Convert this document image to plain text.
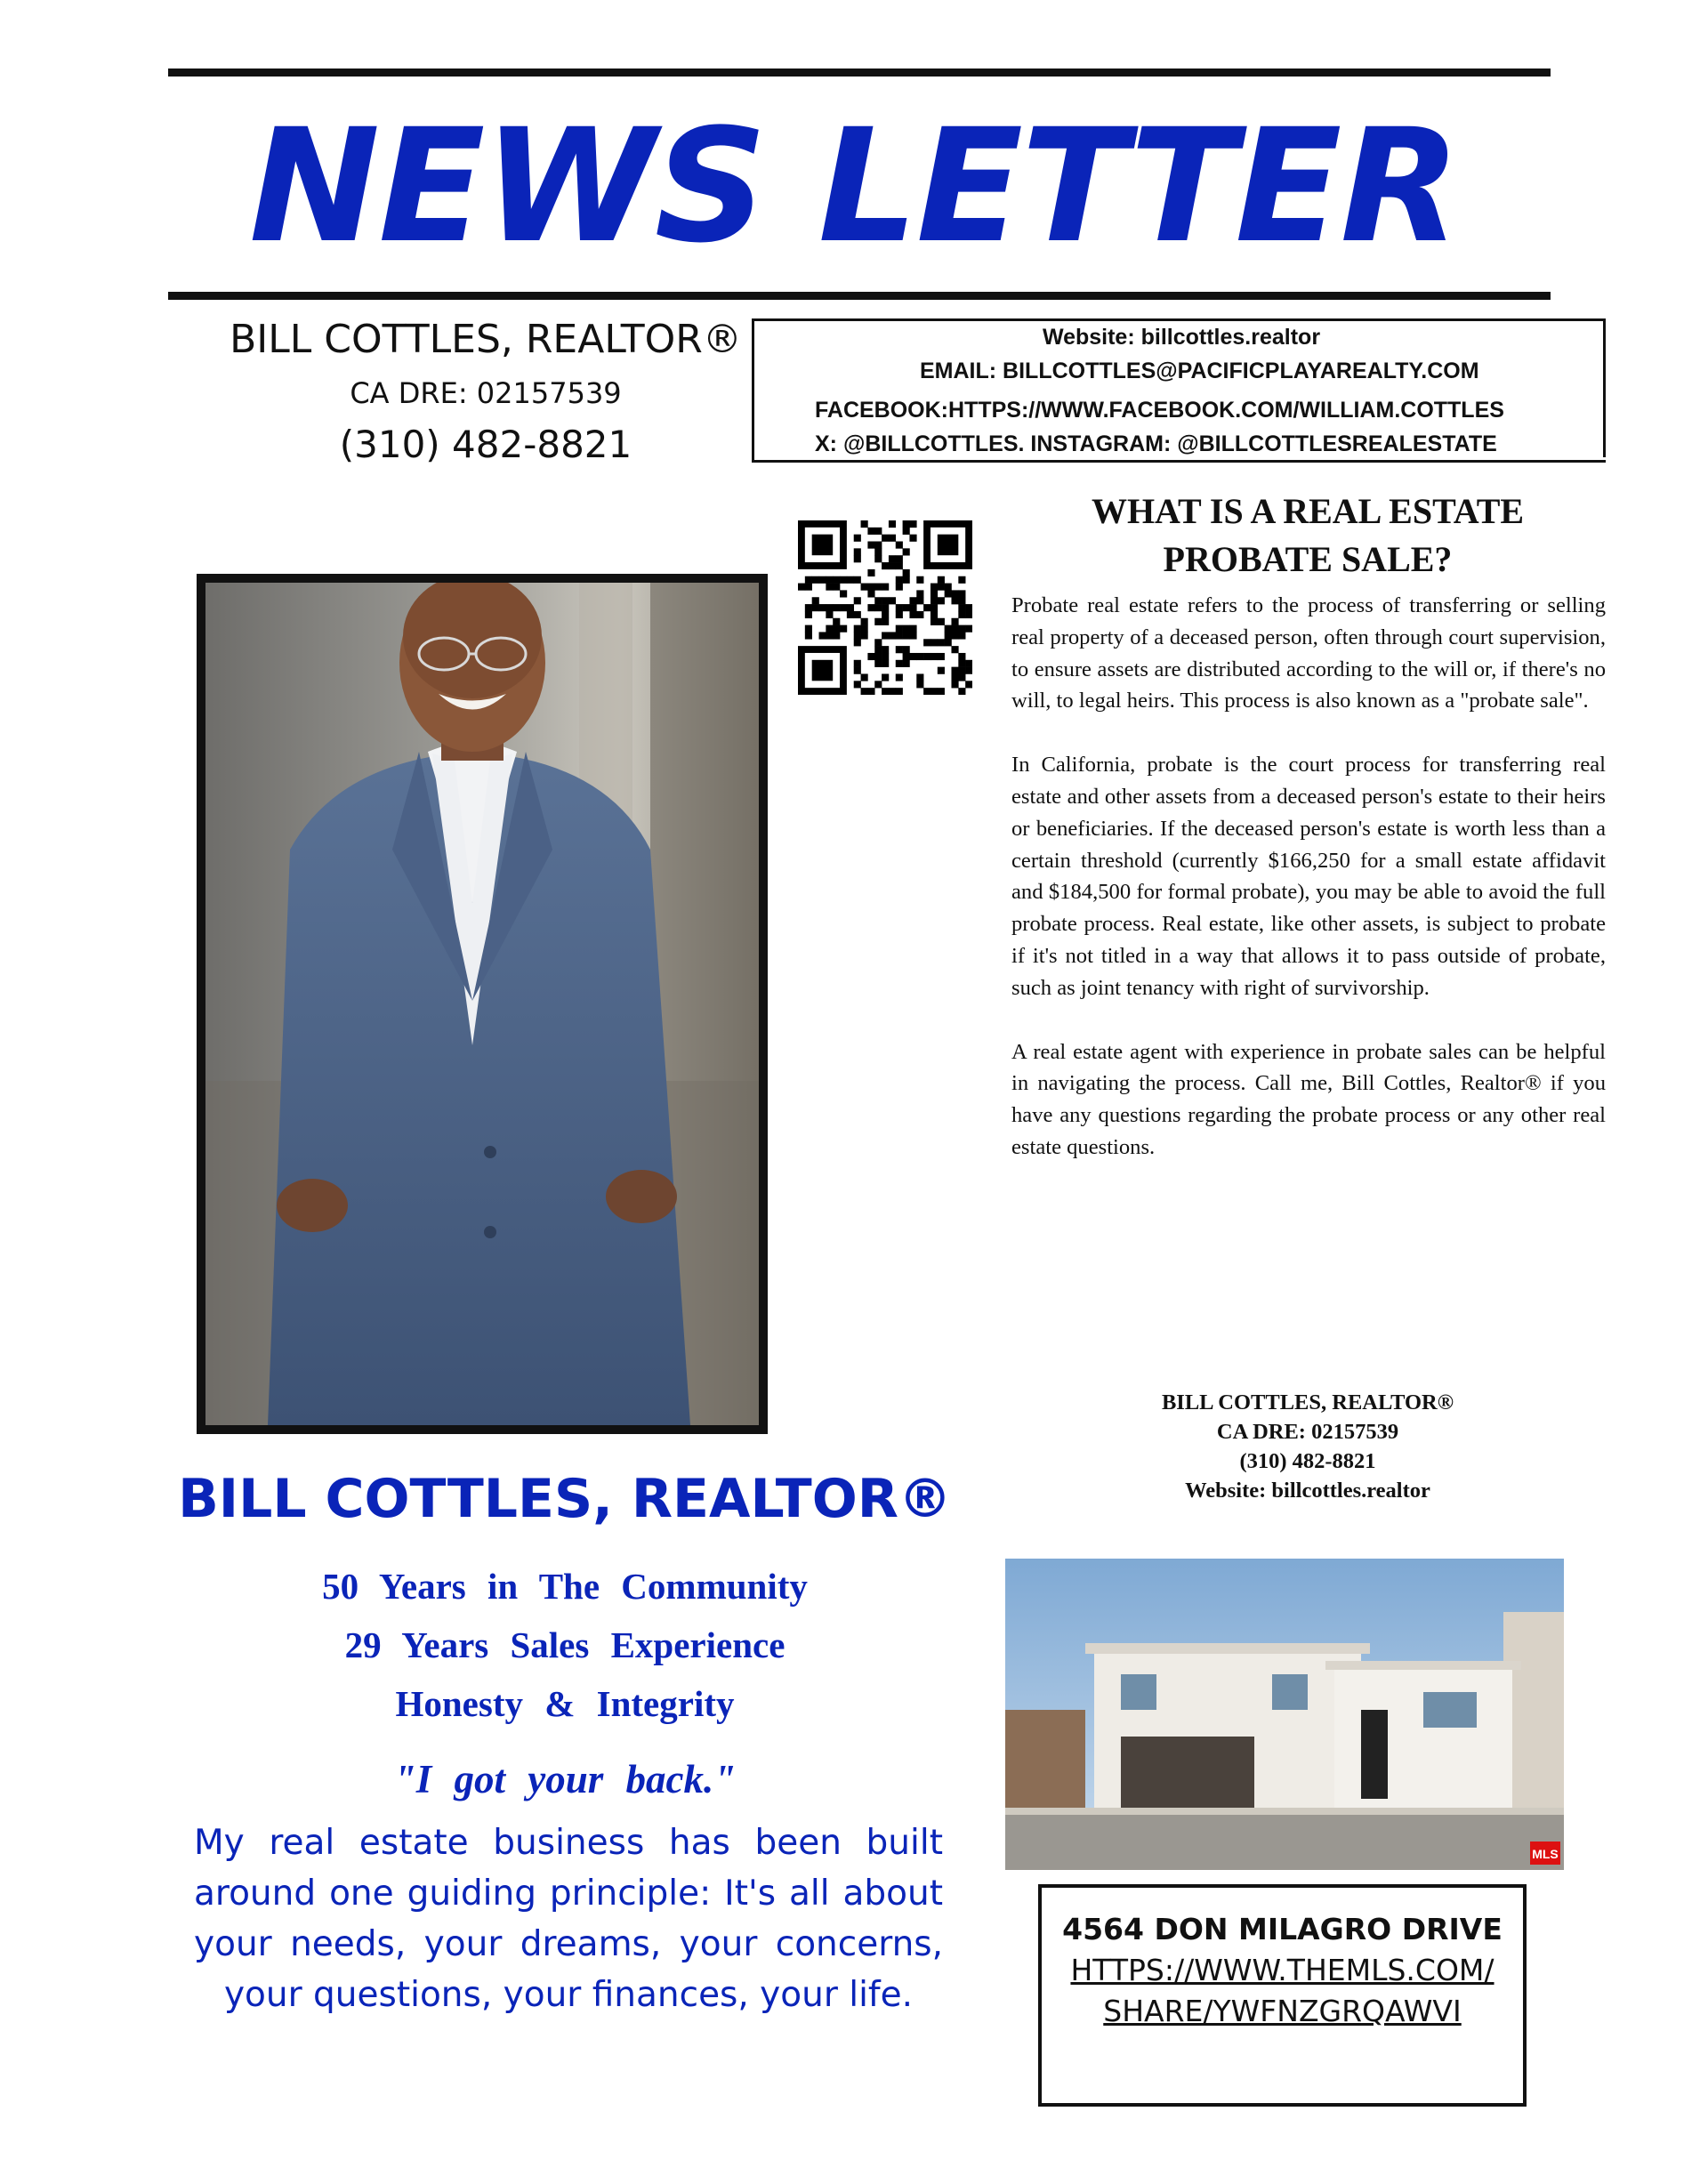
NEWS LETTER
BILL COTTLES, REALTOR®
CA DRE: 02157539
(310) 482-8821
Website: billcottles.realtor
EMAIL: BILLCOTTLES@PACIFICPLAYAREALTY.COM
FACEBOOK:HTTPS://WWW.FACEBOOK.COM/WILLIAM.COTTLES
X: @BILLCOTTLES. INSTAGRAM: @BILLCOTTLESREALESTATE
WHAT IS A REAL ESTATE
PROBATE SALE?

Probate real estate refers to the process of transferring or selling real property of a deceased person, often through court supervision, to ensure assets are distributed according to the will or, if there's no will, to legal heirs. This process is also known as a "probate sale".

In California, probate is the court process for transferring real estate and other assets from a deceased person's estate to their heirs or beneficiaries. If the deceased person's estate is worth less than a certain threshold (currently $166,250 for a small estate affidavit and $184,500 for formal probate), you may be able to avoid the full probate process. Real estate, like other assets, is subject to probate if it's not titled in a way that allows it to pass outside of probate, such as joint tenancy with right of survivorship.

A real estate agent with experience in probate sales can be helpful in navigating the process. Call me, Bill Cottles, Realtor® if you have any questions regarding the probate process or any other real estate questions.

BILL COTTLES, REALTOR®
CA DRE: 02157539
(310) 482-8821
Website: billcottles.realtor
MLS
4564 DON MILAGRO DRIVE
HTTPS://WWW.THEMLS.COM/
SHARE/YWFNZGRQAWVI
BILL COTTLES, REALTOR®
50 Years in The Community
29 Years Sales Experience
Honesty & Integrity
"I got your back."
My real estate business has been built around one guiding principle: It's all about your needs, your dreams, your concerns, your questions, your finances, your life.
